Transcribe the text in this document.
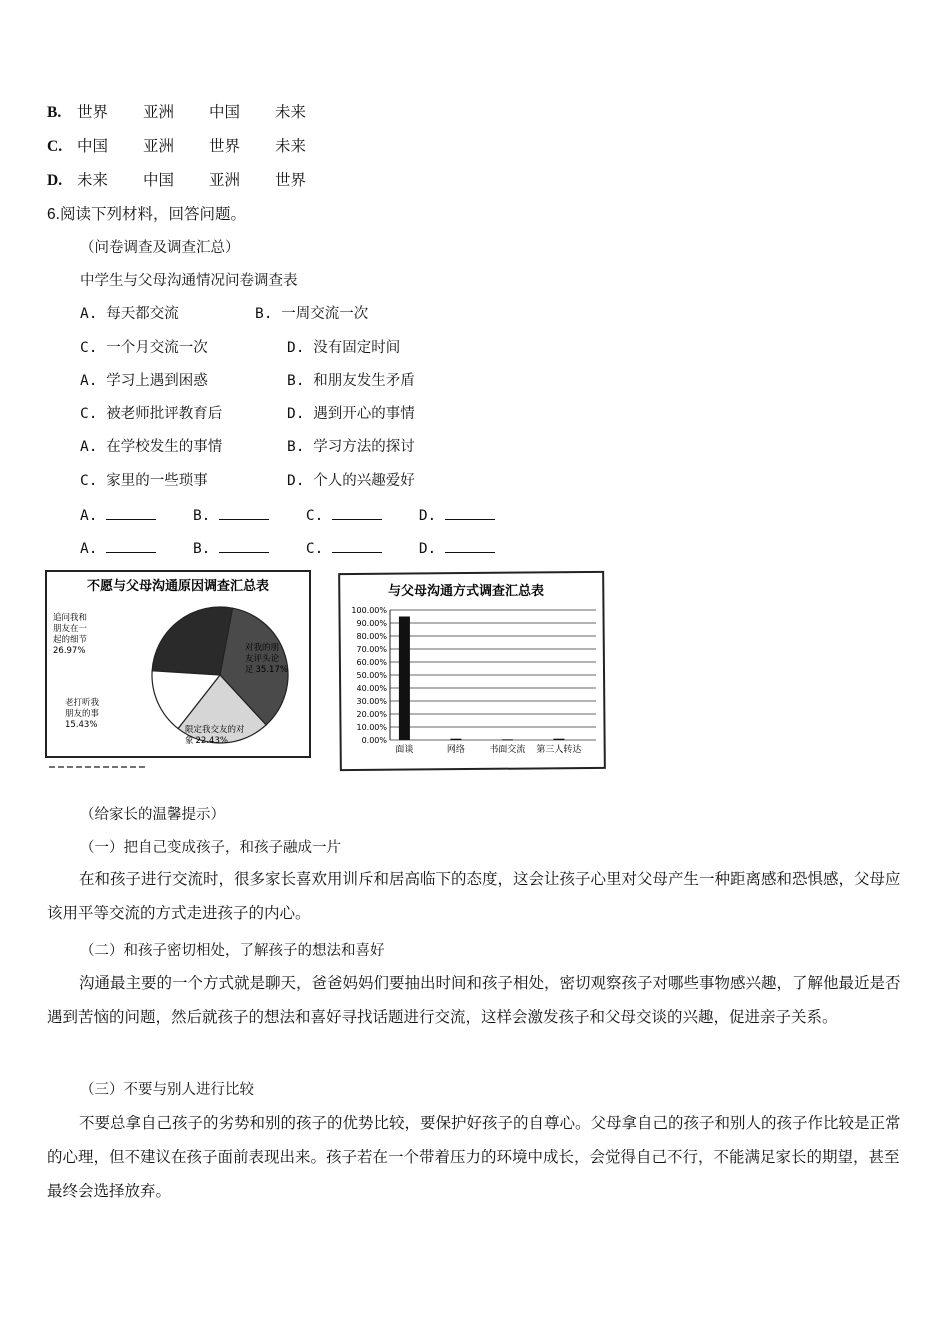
B. 世界 亚洲 中国 未来
C. 中国 亚洲 世界 未来
D. 未来 中国 亚洲 世界
6.阅读下列材料，回答问题。
（问卷调查及调查汇总）
中学生与父母沟通情况问卷调查表
A. 每天都交流	B. 一周交流一次
C. 一个月交流一次	D. 没有固定时间
A. 学习上遇到困惑	B. 和朋友发生矛盾
C. 被老师批评教育后	D. 遇到开心的事情
A. 在学校发生的事情	B. 学习方法的探讨
C. 家里的一些琐事	D. 个人的兴趣爱好
A.	B.	C.	D.
A.	B.	C.	D.
不愿与父母沟通原因调查汇总表
追问我和朋友在一起的细节 26.97%	对我的朋友评头论足 35.17%
限定我交友的对象 22.43%
老打听我朋友的事 15.43%
与父母沟通方式调查汇总表
0.00%
10.00%
20.00%
30.00%
40.00%
50.00%
60.00%
70.00%
80.00%
90.00%
100.00%
面谈	网络	书面交流 第三人转达
（给家长的温馨提示）
（一）把自己变成孩子，和孩子融成一片
在和孩子进行交流时，很多家长喜欢用训斥和居高临下的态度，这会让孩子心里对父母产生一种距离感和恐惧感，父母应该用平等交流的方式走进孩子的内心。
（二）和孩子密切相处，了解孩子的想法和喜好
沟通最主要的一个方式就是聊天，爸爸妈妈们要抽出时间和孩子相处，密切观察孩子对哪些事物感兴趣，了解他最近是否遇到苦恼的问题，然后就孩子的想法和喜好寻找话题进行交流，这样会激发孩子和父母交谈的兴趣，促进亲子关系。
（三）不要与别人进行比较
不要总拿自己孩子的劣势和别的孩子的优势比较，要保护好孩子的自尊心。父母拿自己的孩子和别人的孩子作比较是正常的心理，但不建议在孩子面前表现出来。孩子若在一个带着压力的环境中成长，会觉得自己不行，不能满足家长的期望，甚至最终会选择放弃。
